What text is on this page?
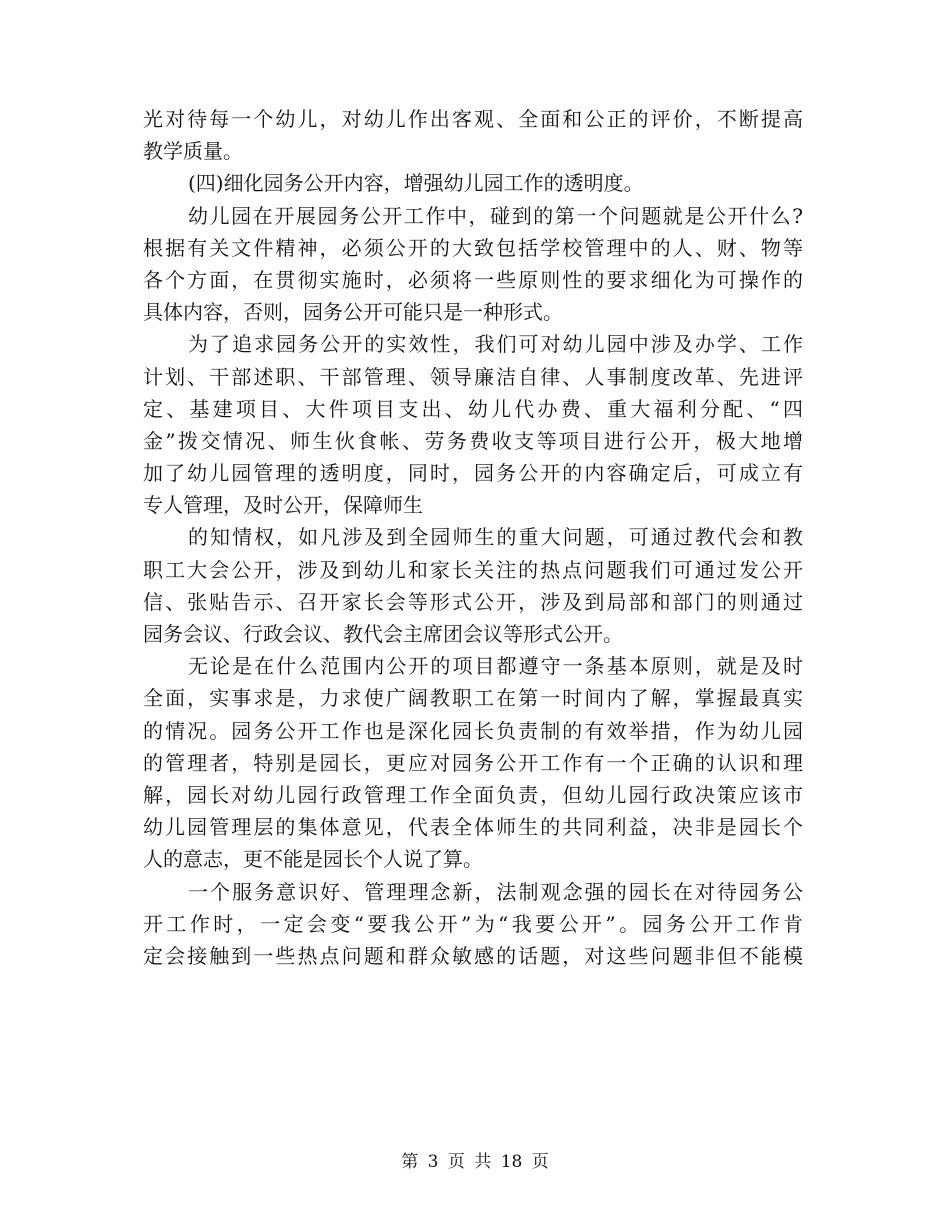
光对待每一个幼儿，对幼儿作出客观、全面和公正的评价，不断提高
教学质量。
(四)细化园务公开内容，增强幼儿园工作的透明度。
幼儿园在开展园务公开工作中，碰到的第一个问题就是公开什么?
根据有关文件精神，必须公开的大致包括学校管理中的人、财、物等
各个方面，在贯彻实施时，必须将一些原则性的要求细化为可操作的
具体内容，否则，园务公开可能只是一种形式。
为了追求园务公开的实效性，我们可对幼儿园中涉及办学、工作
计划、干部述职、干部管理、领导廉洁自律、人事制度改革、先进评
定、基建项目、大件项目支出、幼儿代办费、重大福利分配、“四
金”拨交情况、师生伙食帐、劳务费收支等项目进行公开，极大地增
加了幼儿园管理的透明度，同时，园务公开的内容确定后，可成立有
专人管理，及时公开，保障师生
的知情权，如凡涉及到全园师生的重大问题，可通过教代会和教
职工大会公开，涉及到幼儿和家长关注的热点问题我们可通过发公开
信、张贴告示、召开家长会等形式公开，涉及到局部和部门的则通过
园务会议、行政会议、教代会主席团会议等形式公开。
无论是在什么范围内公开的项目都遵守一条基本原则，就是及时
全面，实事求是，力求使广阔教职工在第一时间内了解，掌握最真实
的情况。园务公开工作也是深化园长负责制的有效举措，作为幼儿园
的管理者，特别是园长，更应对园务公开工作有一个正确的认识和理
解，园长对幼儿园行政管理工作全面负责，但幼儿园行政决策应该市
幼儿园管理层的集体意见，代表全体师生的共同利益，决非是园长个
人的意志，更不能是园长个人说了算。
一个服务意识好、管理理念新，法制观念强的园长在对待园务公
开工作时，一定会变“要我公开”为“我要公开”。园务公开工作肯
定会接触到一些热点问题和群众敏感的话题，对这些问题非但不能模
第 3 页 共 18 页
